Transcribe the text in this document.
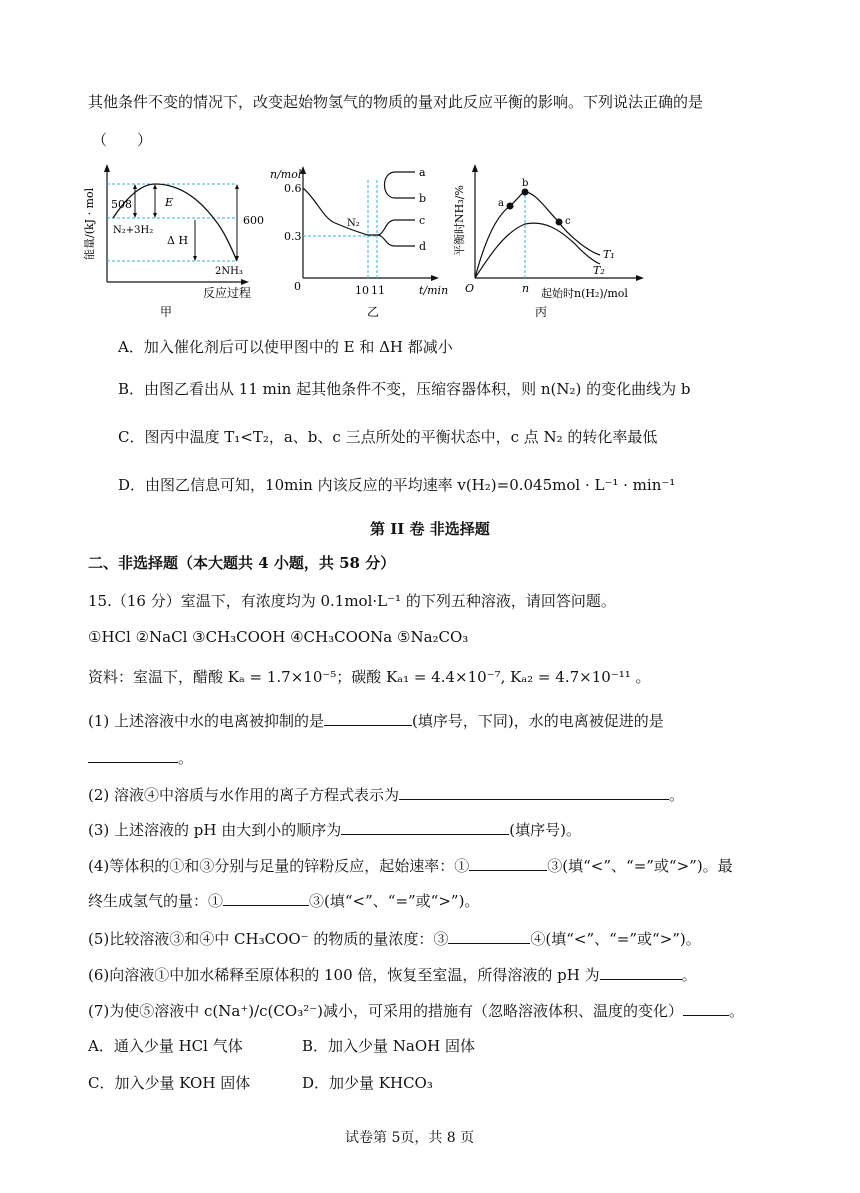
其他条件不变的情况下，改变起始物氢气的物质的量对此反应平衡的影响。下列说法正确的是
（　　）
能量/(kJ · mol 508	E
N₂+3H₂
Δ H
600
2NH₃
反应过程
甲
n/mol
0.6
0.3
0
N₂
a
b
c
d
10 11	t/min
乙
平衡时NH₃/%	a
b
c
T₁
T₂
O	n 起始时n(H₂)/mol
丙
A．加入催化剂后可以使甲图中的 E 和 ΔH 都减小
B．由图乙看出从 11 min 起其他条件不变，压缩容器体积，则 n(N₂) 的变化曲线为 b
C．图丙中温度 T₁<T₂，a、b、c 三点所处的平衡状态中，c 点 N₂ 的转化率最低
D．由图乙信息可知，10min 内该反应的平均速率 v(H₂)=0.045mol · L⁻¹ · min⁻¹
第 II 卷 非选择题
二、非选择题（本大题共 4 小题，共 58 分）
15.（16 分）室温下，有浓度均为 0.1mol·L⁻¹ 的下列五种溶液，请回答问题。
①HCl ②NaCl ③CH₃COOH ④CH₃COONa ⑤Na₂CO₃
资料：室温下，醋酸 Kₐ = 1.7×10⁻⁵；碳酸 Kₐ₁ = 4.4×10⁻⁷, Kₐ₂ = 4.7×10⁻¹¹ 。
(1) 上述溶液中水的电离被抑制的是	(填序号，下同)，水的电离被促进的是
。
(2) 溶液④中溶质与水作用的离子方程式表示为	。
(3) 上述溶液的 pH 由大到小的顺序为	(填序号)。
(4)等体积的①和③分别与足量的锌粉反应，起始速率：①	③(填“<”、“=”或“>”)。最
终生成氢气的量：①	③(填“<”、“=”或“>”)。
(5)比较溶液③和④中 CH₃COO⁻ 的物质的量浓度：③	④(填“<”、“=”或“>”)。
(6)向溶液①中加水稀释至原体积的 100 倍，恢复至室温，所得溶液的 pH 为	。
(7)为使⑤溶液中 c(Na⁺)/c(CO₃²⁻)减小，可采用的措施有（忽略溶液体积、温度的变化）	。
A．通入少量 HCl 气体	B．加入少量 NaOH 固体
C．加入少量 KOH 固体	D．加少量 KHCO₃
试卷第 5页，共 8 页
